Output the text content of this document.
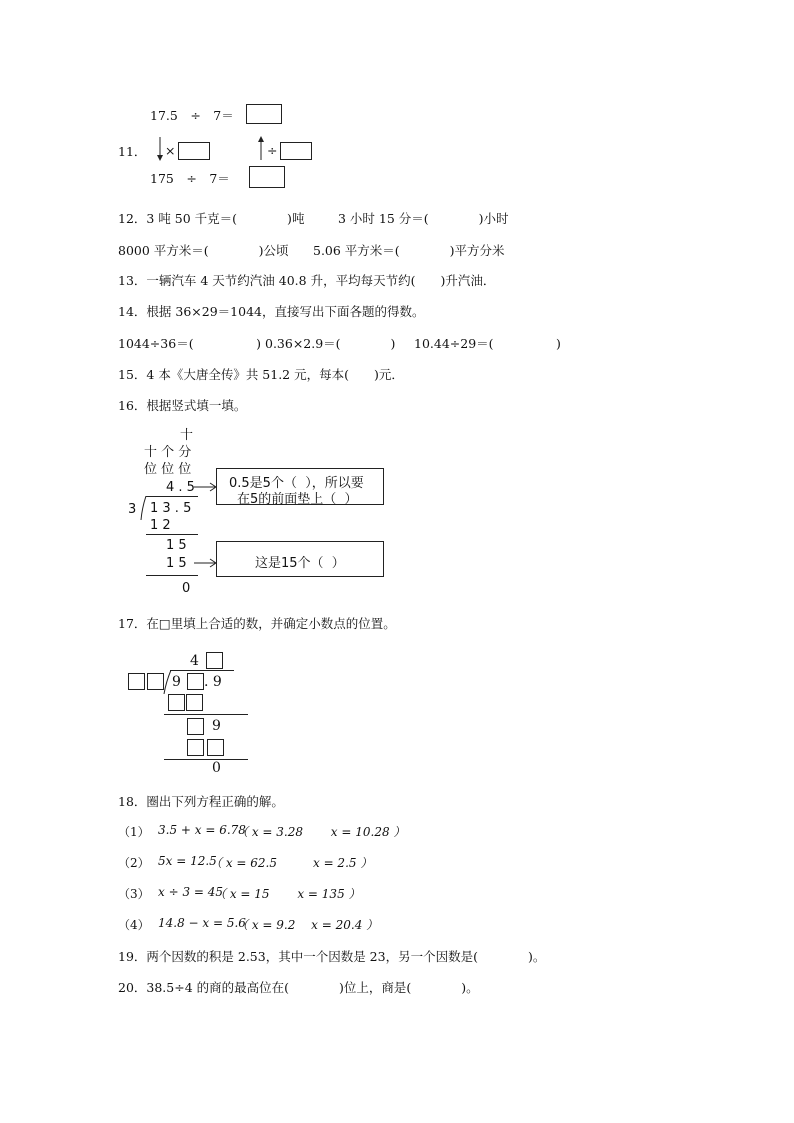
17.5　÷　7＝
11． ×	÷
175　÷　7＝
12．3 吨 50 千克＝(　　　　)吨	3 小时 15 分＝(　　　　)小时
8000 平方米＝(　　　　)公顷 5.06 平方米＝(　　　　)平方分米
13．一辆汽车 4 天节约汽油 40.8 升，平均每天节约(　　)升汽油．
14．根据 36×29＝1044，直接写出下面各题的得数。
1044÷36＝(　　　　　) 0.36×2.9＝(　　　　) 10.44÷29＝(　　　　　)
15．4 本《大唐全传》共 51.2 元，每本(　　)元．
16．根据竖式填一填。
十
十 个 分
位 位 位
4 . 5
3 1 3 . 5
1 2
1 5
1 5
0
0.5是5个（  ），所以要
在5的前面垫上（  ）
这是15个（  ）
17．在□里填上合适的数，并确定小数点的位置。
4
9 . 9
9
0
18．圈出下列方程正确的解。
（1） 3.5 + x = 6.78
（ x = 3.28　　 x = 10.28 ）
（2） 5x = 12.5
（ x = 62.5　　　x = 2.5 ）
（3） x ÷ 3 = 45
（ x = 15　　 x = 135 ）
（4） 14.8 − x = 5.6
（ x = 9.2　 x = 20.4 ）
19．两个因数的积是 2.53，其中一个因数是 23，另一个因数是(　　　　)。
20．38.5÷4 的商的最高位在(　　　　)位上，商是(　　　　)。
